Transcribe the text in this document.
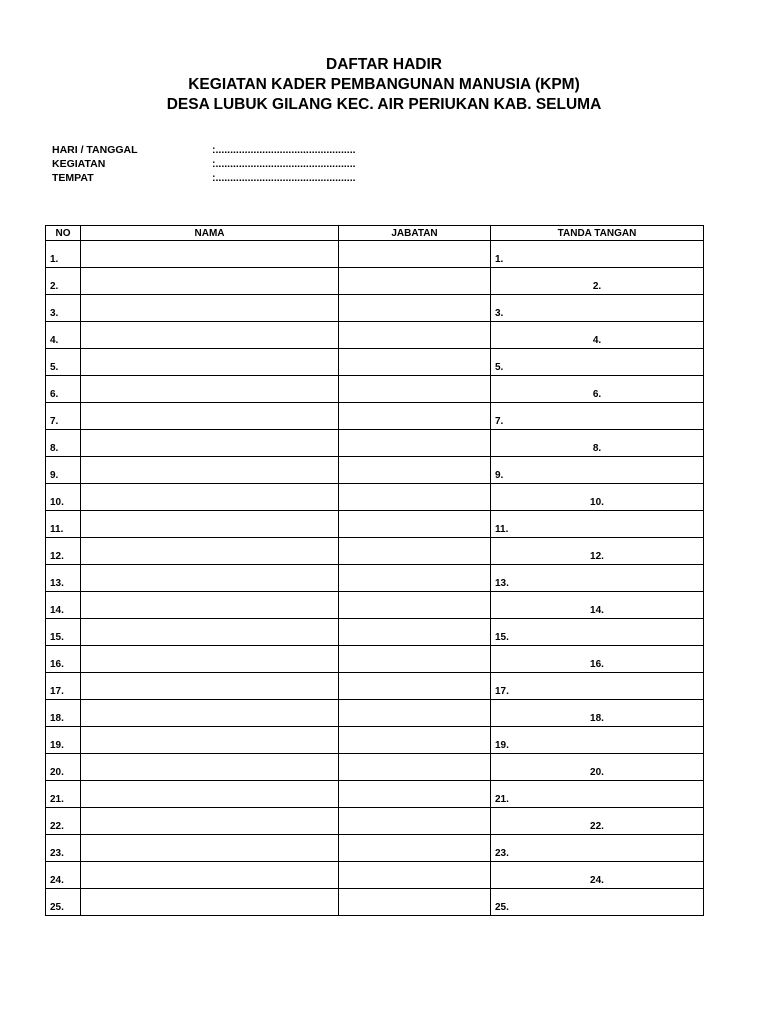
DAFTAR HADIR
KEGIATAN KADER PEMBANGUNAN MANUSIA (KPM)
DESA LUBUK GILANG KEC. AIR PERIUKAN KAB. SELUMA
HARI / TANGGAL	:................................................
KEGIATAN	:................................................
TEMPAT	:................................................
NO	NAMA	JABATAN	TANDA TANGAN
1.			1.
2.			2.
3.			3.
4.			4.
5.			5.
6.			6.
7.			7.
8.			8.
9.			9.
10.			10.
11.			11.
12.			12.
13.			13.
14.			14.
15.			15.
16.			16.
17.			17.
18.			18.
19.			19.
20.			20.
21.			21.
22.			22.
23.			23.
24.			24.
25.			25.
